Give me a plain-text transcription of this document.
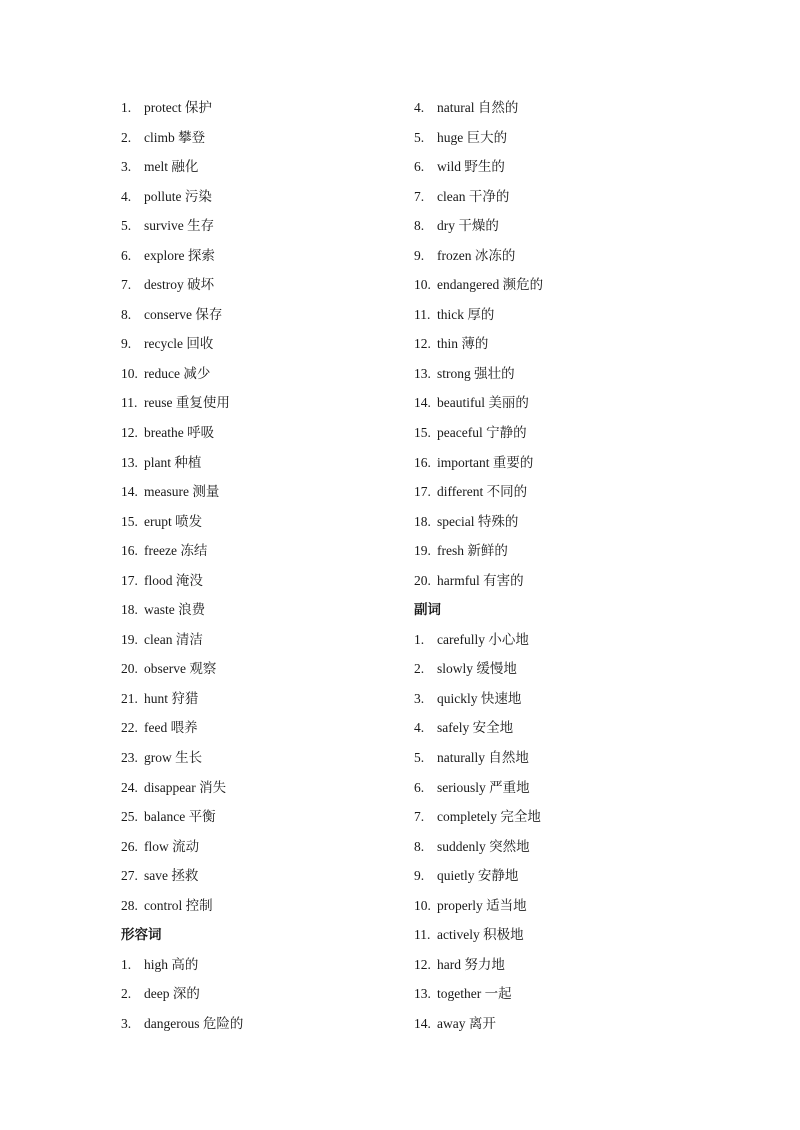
1. protect 保护
2. climb 攀登
3. melt 融化
4. pollute 污染
5. survive 生存
6. explore 探索
7. destroy 破坏
8. conserve 保存
9. recycle 回收
10. reduce 减少
11. reuse 重复使用
12. breathe 呼吸
13. plant 种植
14. measure 测量
15. erupt 喷发
16. freeze 冻结
17. flood 淹没
18. waste 浪费
19. clean 清洁
20. observe 观察
21. hunt 狩猎
22. feed 喂养
23. grow 生长
24. disappear 消失
25. balance 平衡
26. flow 流动
27. save 拯救
28. control 控制
形容词
1. high 高的
2. deep 深的
3. dangerous 危险的
4. natural 自然的
5. huge 巨大的
6. wild 野生的
7. clean 干净的
8. dry 干燥的
9. frozen 冰冻的
10. endangered 濒危的
11. thick 厚的
12. thin 薄的
13. strong 强壮的
14. beautiful 美丽的
15. peaceful 宁静的
16. important 重要的
17. different 不同的
18. special 特殊的
19. fresh 新鲜的
20. harmful 有害的
副词
1. carefully 小心地
2. slowly 缓慢地
3. quickly 快速地
4. safely 安全地
5. naturally 自然地
6. seriously 严重地
7. completely 完全地
8. suddenly 突然地
9. quietly 安静地
10. properly 适当地
11. actively 积极地
12. hard 努力地
13. together 一起
14. away 离开
